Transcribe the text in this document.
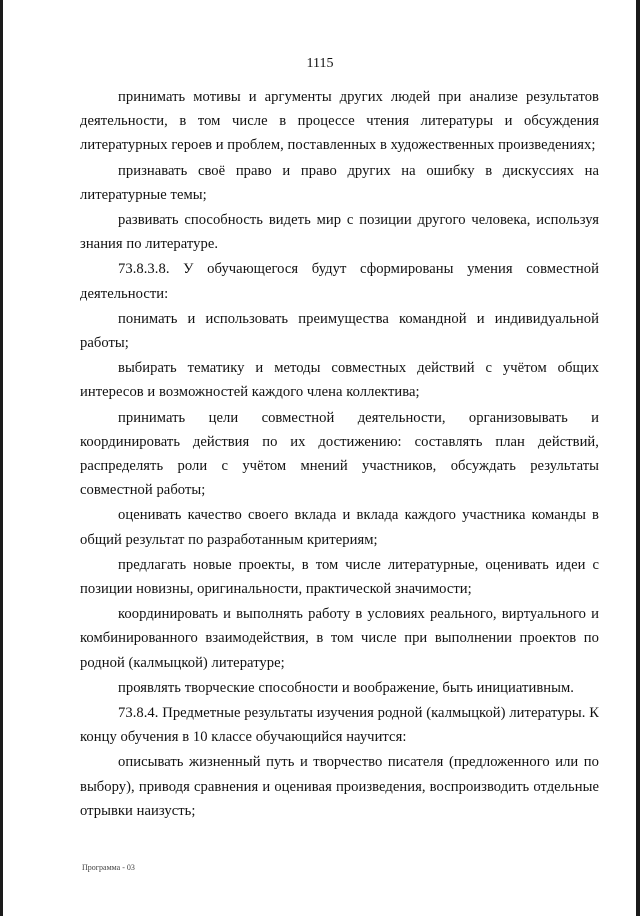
1115

принимать мотивы и аргументы других людей при анализе результатов деятельности, в том числе в процессе чтения литературы и обсуждения литературных героев и проблем, поставленных в художественных произведениях;

признавать своё право и право других на ошибку в дискуссиях на литературные темы;

развивать способность видеть мир с позиции другого человека, используя знания по литературе.

73.8.3.8. У обучающегося будут сформированы умения совместной деятельности:

понимать и использовать преимущества командной и индивидуальной работы;

выбирать тематику и методы совместных действий с учётом общих интересов и возможностей каждого члена коллектива;

принимать цели совместной деятельности, организовывать и координировать действия по их достижению: составлять план действий, распределять роли с учётом мнений участников, обсуждать результаты совместной работы;

оценивать качество своего вклада и вклада каждого участника команды в общий результат по разработанным критериям;

предлагать новые проекты, в том числе литературные, оценивать идеи с позиции новизны, оригинальности, практической значимости;

координировать и выполнять работу в условиях реального, виртуального и комбинированного взаимодействия, в том числе при выполнении проектов по родной (калмыцкой) литературе;

проявлять творческие способности и воображение, быть инициативным.

73.8.4. Предметные результаты изучения родной (калмыцкой) литературы. К концу обучения в 10 классе обучающийся научится:

описывать жизненный путь и творчество писателя (предложенного или по выбору), приводя сравнения и оценивая произведения, воспроизводить отдельные отрывки наизусть;

Программа - 03
